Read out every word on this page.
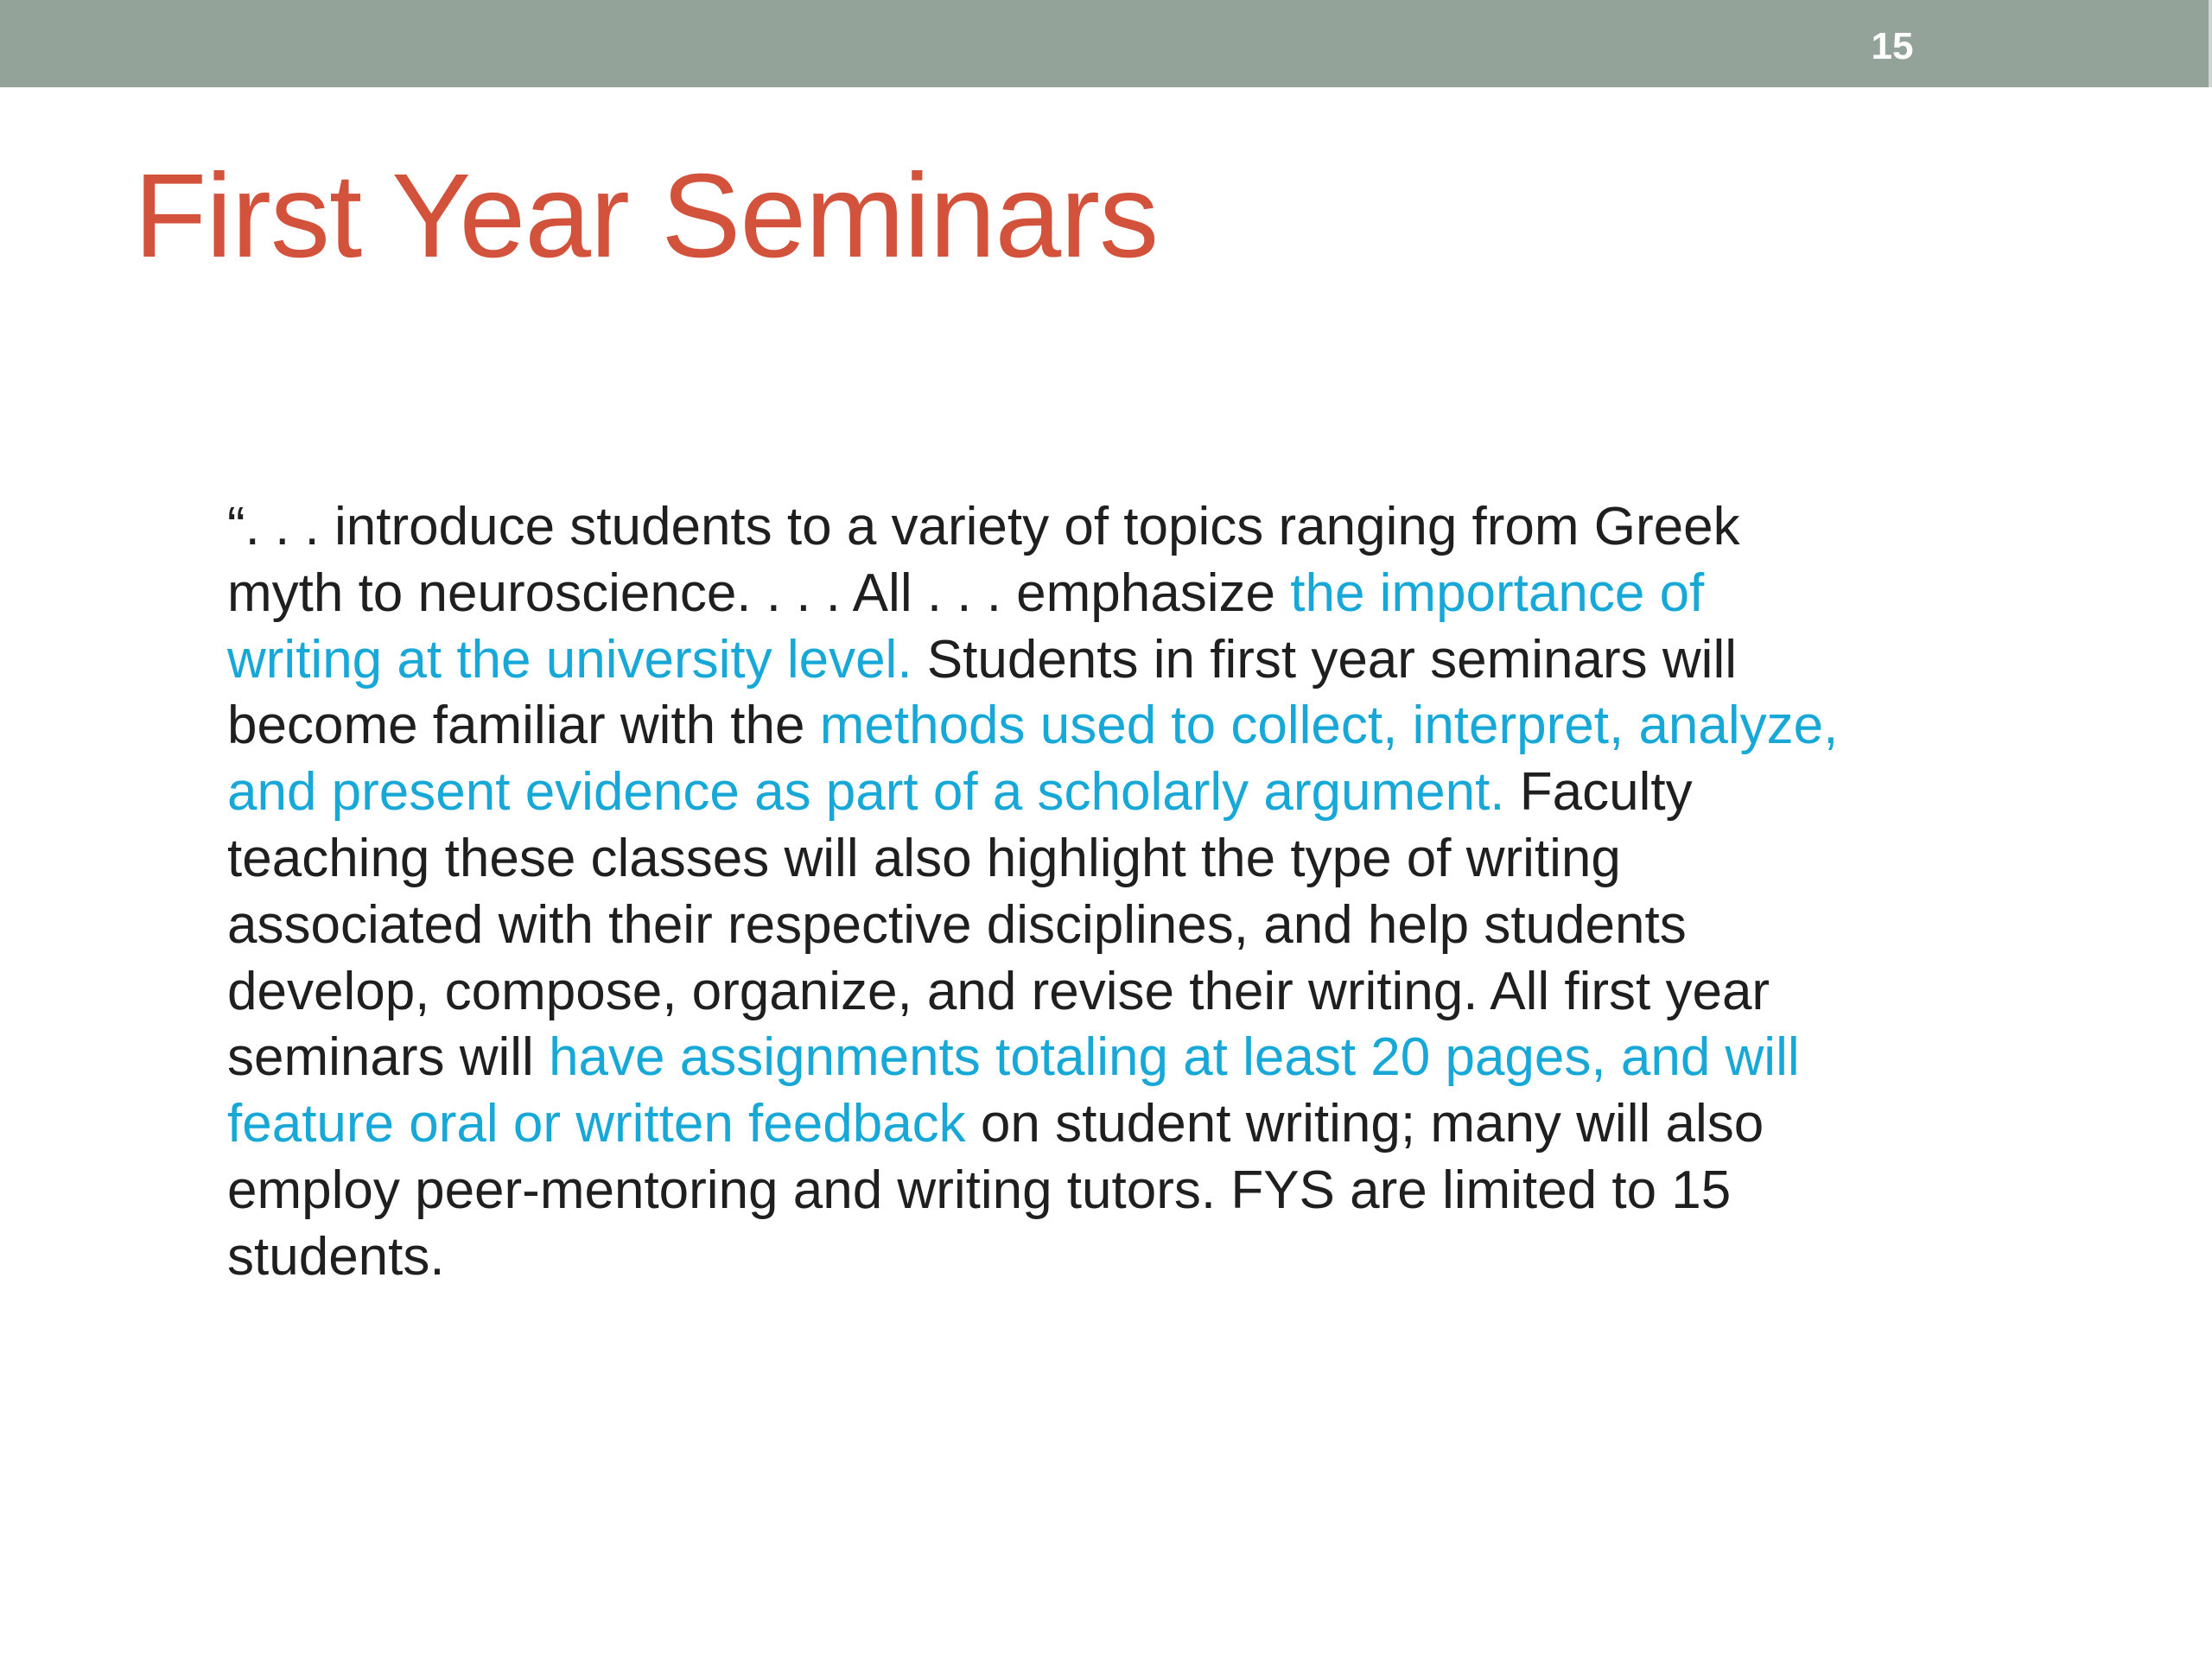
15
First Year Seminars
“. . . introduce students to a variety of topics ranging from Greek
myth to neuroscience. . . . All . . . emphasize the importance of
writing at the university level. Students in first year seminars will
become familiar with the methods used to collect, interpret, analyze,
and present evidence as part of a scholarly argument. Faculty
teaching these classes will also highlight the type of writing
associated with their respective disciplines, and help students
develop, compose, organize, and revise their writing. All first year
seminars will have assignments totaling at least 20 pages, and will
feature oral or written feedback on student writing; many will also
employ peer-mentoring and writing tutors. FYS are limited to 15
students.
